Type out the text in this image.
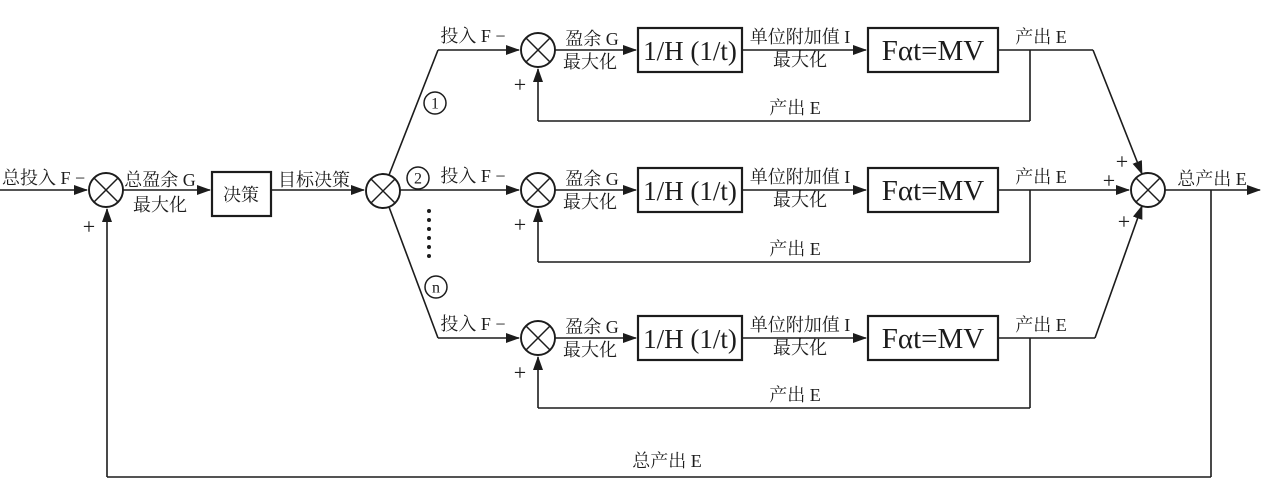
总投入 F −
+
总盈余 G
最大化 决策
目标决策
1
2
n
投入 F −
+
盈余 G
最大化 1/H (1/t) 单位附加值 I
最大化 Fαt=MV 产出 E
产出 E
投入 F −
+
盈余 G
最大化 1/H (1/t) 单位附加值 I
最大化 Fαt=MV 产出 E
产出 E
投入 F −
+
盈余 G
最大化 1/H (1/t) 单位附加值 I
最大化 Fαt=MV 产出 E
产出 E
+
+
+
总产出 E
总产出 E
